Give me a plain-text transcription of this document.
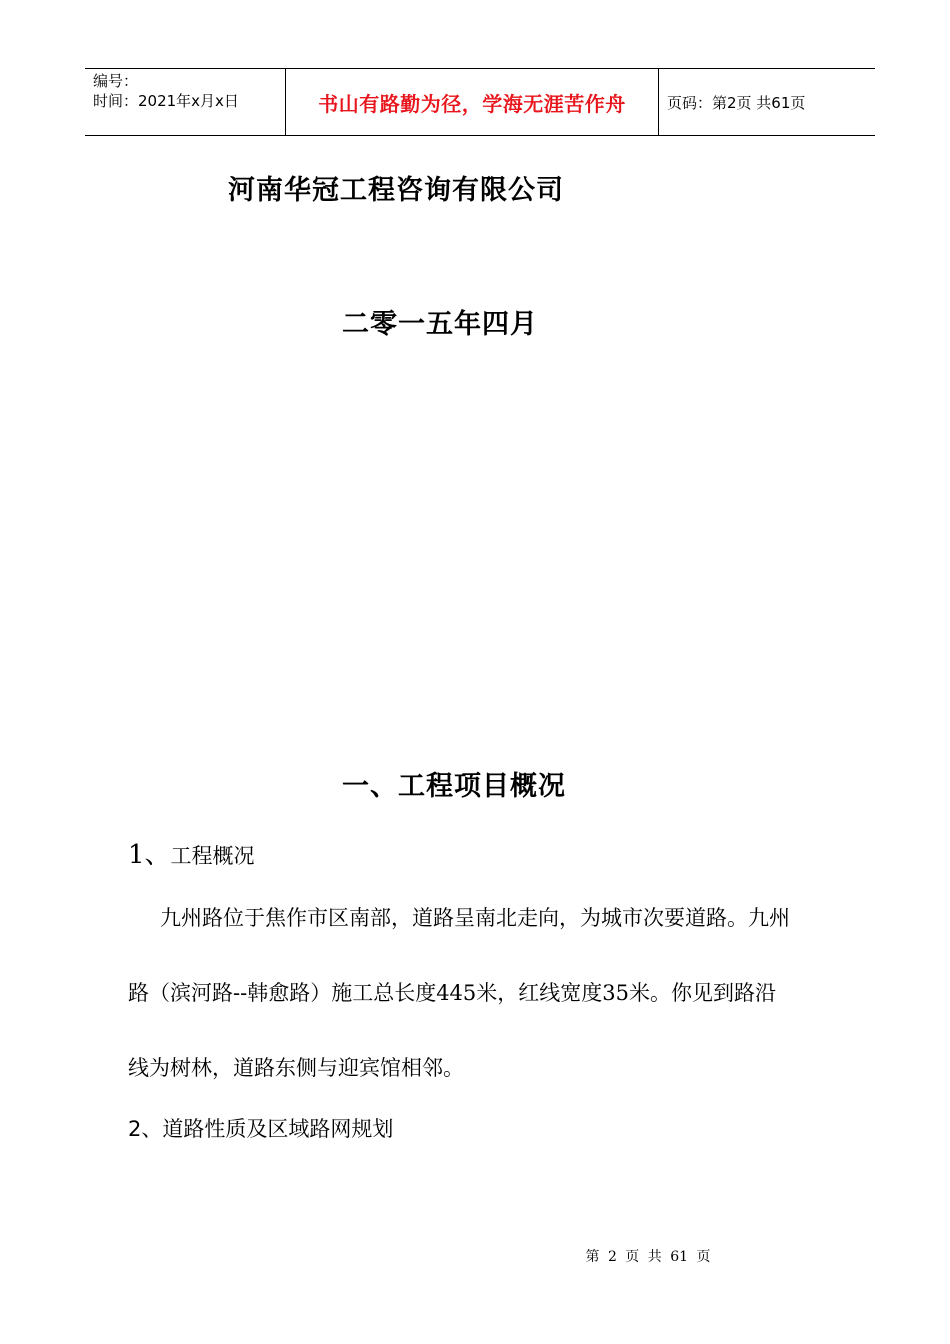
编号：
时间：2021年x月x日	书山有路勤为径，学海无涯苦作舟	页码：第2页 共61页
河南华冠工程咨询有限公司
二零一五年四月
一、工程项目概况
1、工程概况
九州路位于焦作市区南部，道路呈南北走向，为城市次要道路。九州
路（滨河路--韩愈路）施工总长度445米，红线宽度35米。你见到路沿
线为树林，道路东侧与迎宾馆相邻。
2、道路性质及区域路网规划
第 2 页 共 61 页
